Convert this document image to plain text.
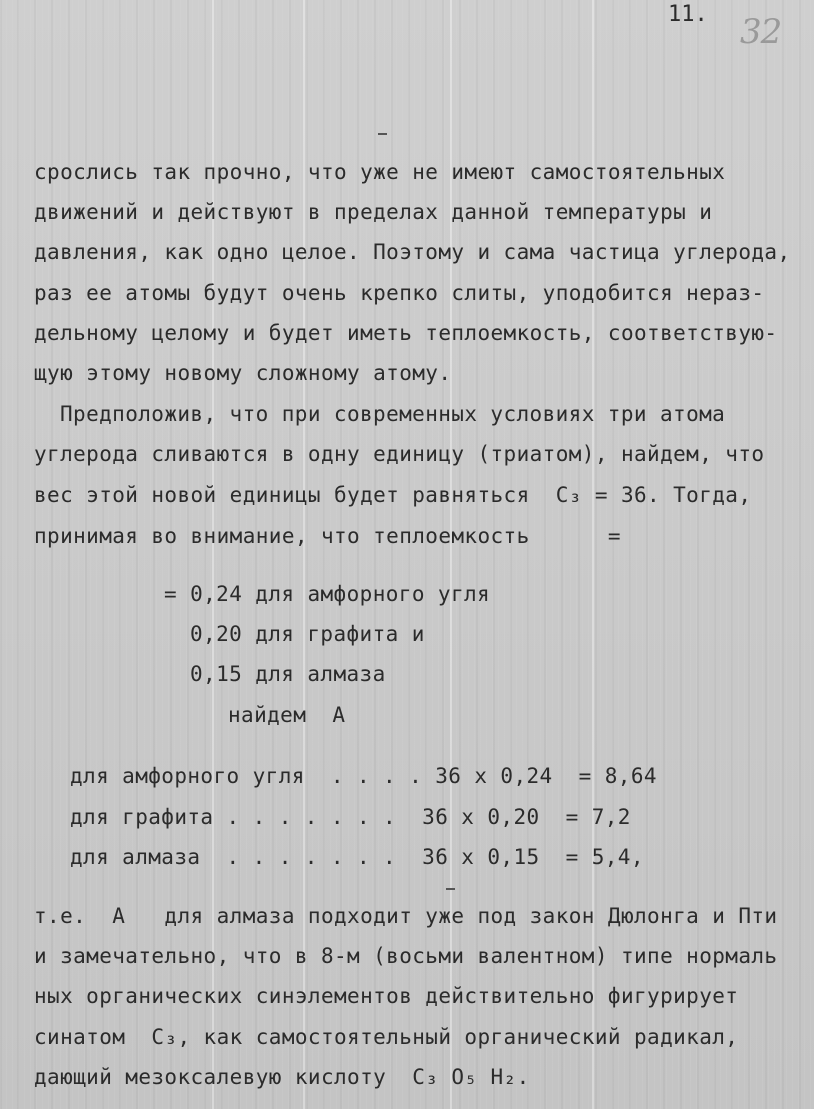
11. 32
срослись так прочно, что уже не имеют самостоятельных
движений и действуют в пределах данной температуры и
давления, как одно целое. Поэтому и сама частица углерода,
раз ее атомы будут очень крепко слиты, уподобится нераз-
дельному целому и будет иметь теплоемкость, соответствую-
щую этому новому сложному атому.
Предположив, что при современных условиях три атома
углерода сливаются в одну единицу (триатом), найдем, что
вес этой новой единицы будет равняться  C₃ = 36. Тогда,
принимая во внимание, что теплоемкость      =
= 0,24 для амфорного угля
0,20 для графита и
0,15 для алмаза
найдем  A
для амфорного угля  . . . . 36 х 0,24  = 8,64
для графита . . . . . . .  36 х 0,20  = 7,2
для алмаза  . . . . . . .  36 х 0,15  = 5,4,
т.е.  A   для алмаза подходит уже под закон Дюлонга и Пти
и замечательно, что в 8-м (восьми валентном) типе нормаль
ных органических синэлементов действительно фигурирует
синатом  C₃, как самостоятельный органический радикал,
дающий мезоксалевую кислоту  C₃ O₅ H₂.
